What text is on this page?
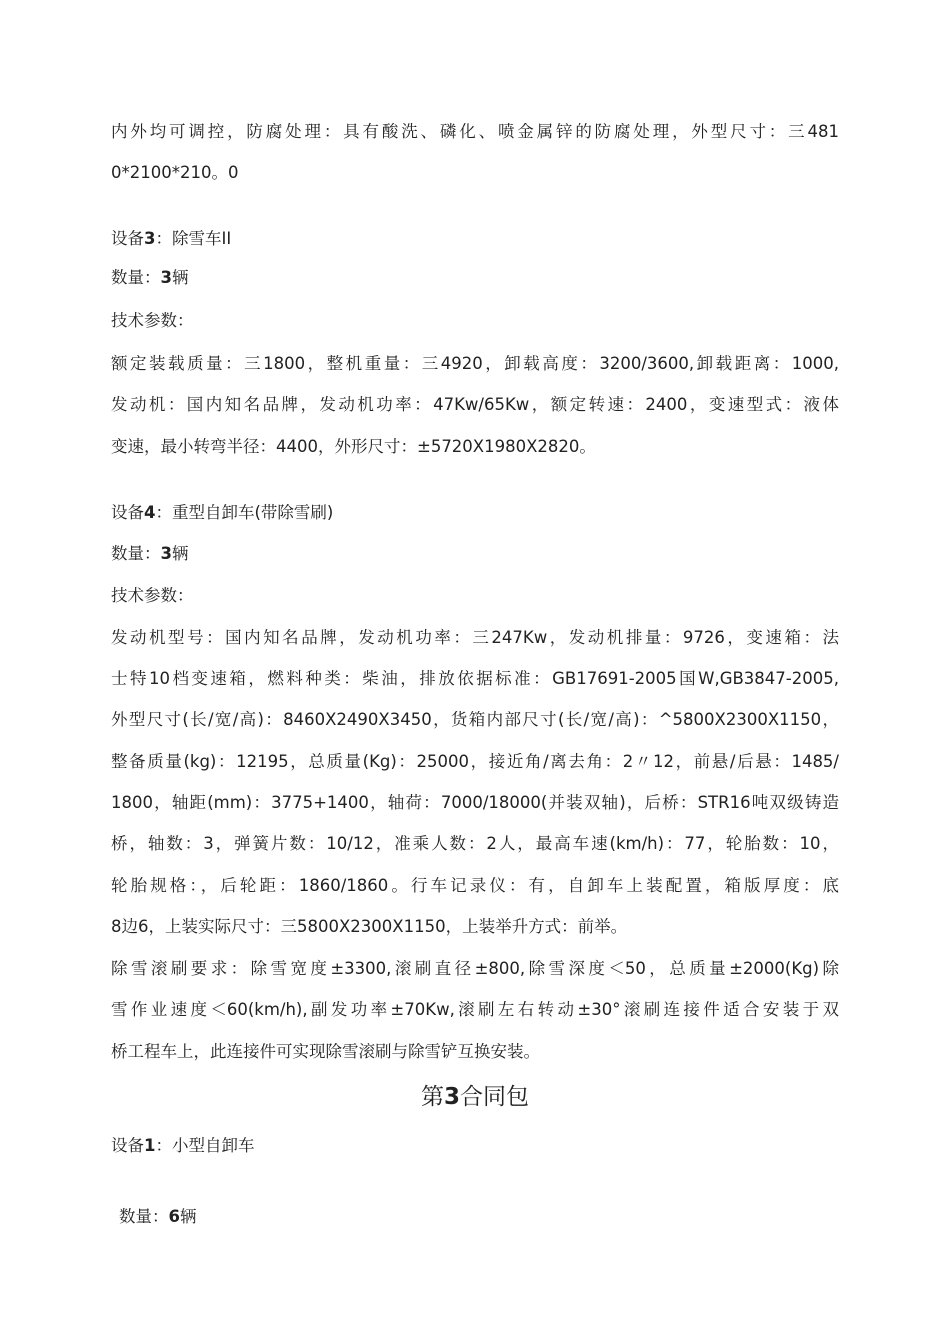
内外均可调控，防腐处理：具有酸洗、磷化、喷金属锌的防腐处理，外型尺寸：三481

0*2100*210。0

设备3：除雪车II

数量：3辆

技术参数：

额定装载质量：三1800，整机重量：三4920，卸载高度：3200/3600,卸载距离：1000,

发动机：国内知名品牌，发动机功率：47Kw/65Kw，额定转速：2400，变速型式：液体

变速，最小转弯半径：4400，外形尺寸：±5720X1980X2820。

设备4：重型自卸车(带除雪刷)

数量：3辆

技术参数：

发动机型号：国内知名品牌，发动机功率：三247Kw，发动机排量：9726，变速箱：法

士特10档变速箱，燃料种类：柴油，排放依据标准：GB17691-2005国W,GB3847-2005,

外型尺寸(长/宽/高)：8460X2490X3450，货箱内部尺寸(长/宽/高)：^5800X2300X1150，

整备质量(kg)：12195，总质量(Kg)：25000，接近角/离去角：2〃12，前悬/后悬：1485/

1800，轴距(mm)：3775+1400，轴荷：7000/18000(并装双轴)，后桥：STR16吨双级铸造

桥，轴数：3，弹簧片数：10/12，准乘人数：2人，最高车速(km/h)：77，轮胎数：10，

轮胎规格：，后轮距：1860/1860。行车记录仪：有，自卸车上装配置，箱版厚度：底

8边6，上装实际尺寸：三5800X2300X1150，上装举升方式：前举。

除雪滚刷要求：除雪宽度±3300,滚刷直径±800,除雪深度＜50，总质量±2000(Kg)除

雪作业速度＜60(km/h),副发功率±70Kw,滚刷左右转动±30°滚刷连接件适合安装于双

桥工程车上，此连接件可实现除雪滚刷与除雪铲互换安装。

第3合同包

设备1：小型自卸车

数量：6辆
